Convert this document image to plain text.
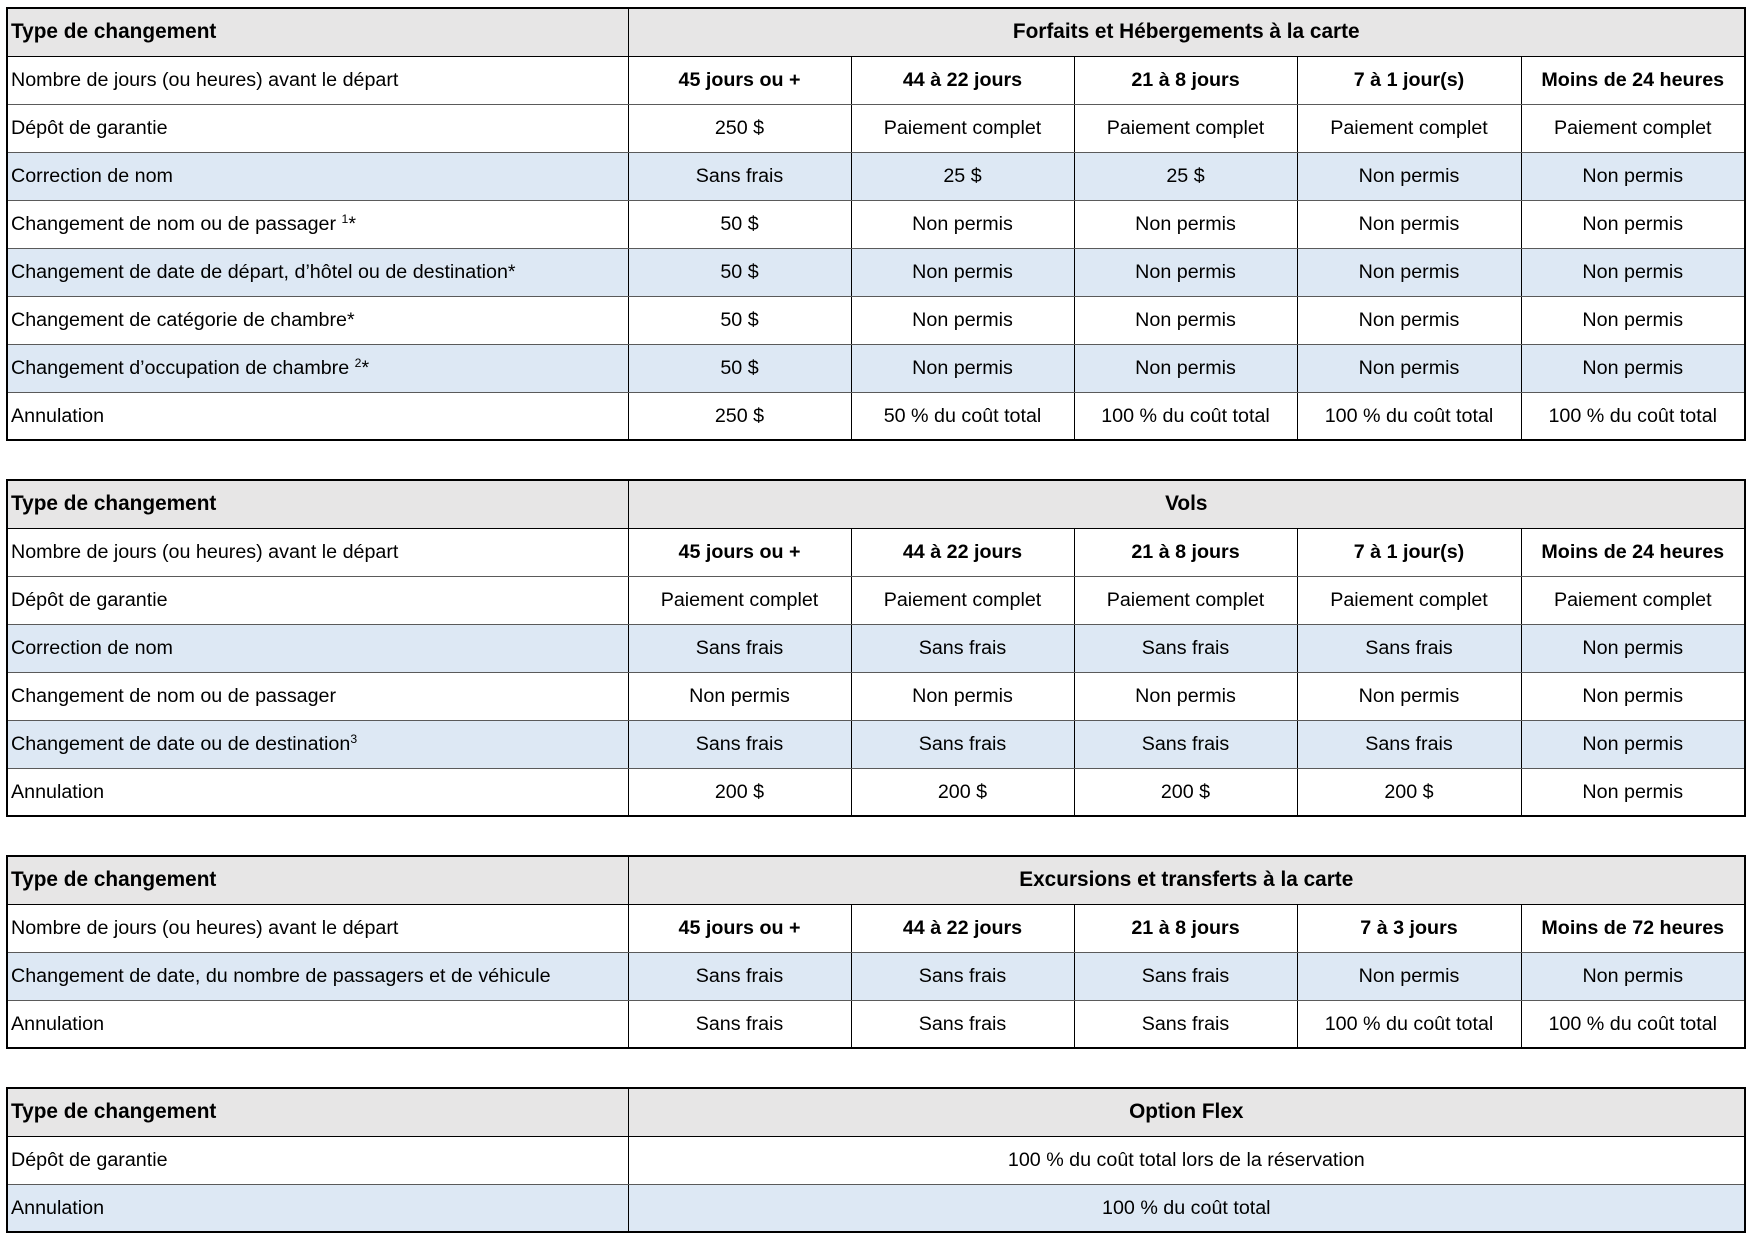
Type de changement	Forfaits et Hébergements à la carte				
Nombre de jours (ou heures) avant le départ	45 jours ou +	44 à 22 jours	21 à 8 jours	7 à 1 jour(s)	Moins de 24 heures
Dépôt de garantie	250 $	Paiement complet	Paiement complet	Paiement complet	Paiement complet
Correction de nom	Sans frais	25 $	25 $	Non permis	Non permis
Changement de nom ou de passager $^1$*	50 $	Non permis	Non permis	Non permis	Non permis
Changement de date de départ, d’hôtel ou de destination*	50 $	Non permis	Non permis	Non permis	Non permis
Changement de catégorie de chambre*	50 $	Non permis	Non permis	Non permis	Non permis
Changement d’occupation de chambre $^2$*	50 $	Non permis	Non permis	Non permis	Non permis
Annulation	250 $	50 % du coût total	100 % du coût total	100 % du coût total	100 % du coût total
Type de changement	Vols				
Nombre de jours (ou heures) avant le départ	45 jours ou +	44 à 22 jours	21 à 8 jours	7 à 1 jour(s)	Moins de 24 heures
Dépôt de garantie	Paiement complet	Paiement complet	Paiement complet	Paiement complet	Paiement complet
Correction de nom	Sans frais	Sans frais	Sans frais	Sans frais	Non permis
Changement de nom ou de passager	Non permis	Non permis	Non permis	Non permis	Non permis
Changement de date ou de destination$^3$	Sans frais	Sans frais	Sans frais	Sans frais	Non permis
Annulation	200 $	200 $	200 $	200 $	Non permis
Type de changement	Excursions et transferts à la carte				
Nombre de jours (ou heures) avant le départ	45 jours ou +	44 à 22 jours	21 à 8 jours	7 à 3 jours	Moins de 72 heures
Changement de date, du nombre de passagers et de véhicule	Sans frais	Sans frais	Sans frais	Non permis	Non permis
Annulation	Sans frais	Sans frais	Sans frais	100 % du coût total	100 % du coût total
Type de changement	Option Flex
Dépôt de garantie	100 % du coût total lors de la réservation
Annulation	100 % du coût total
